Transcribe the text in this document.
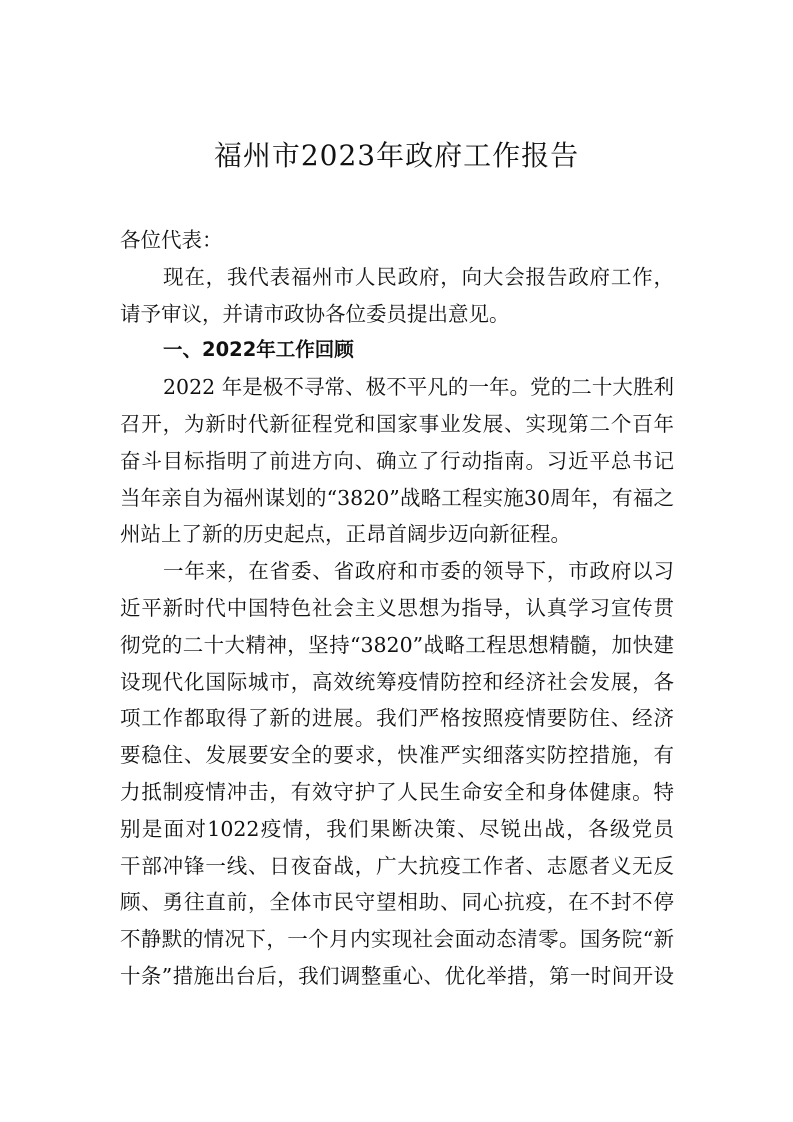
福州市2023年政府工作报告
各位代表：
现在，我代表福州市人民政府，向大会报告政府工作，
请予审议，并请市政协各位委员提出意见。
一、2022年工作回顾
2022 年是极不寻常、极不平凡的一年。党的二十大胜利
召开，为新时代新征程党和国家事业发展、实现第二个百年
奋斗目标指明了前进方向、确立了行动指南。习近平总书记
当年亲自为福州谋划的“3820”战略工程实施30周年，有福之
州站上了新的历史起点，正昂首阔步迈向新征程。
一年来，在省委、省政府和市委的领导下，市政府以习
近平新时代中国特色社会主义思想为指导，认真学习宣传贯
彻党的二十大精神，坚持“3820”战略工程思想精髓，加快建
设现代化国际城市，高效统筹疫情防控和经济社会发展，各
项工作都取得了新的进展。我们严格按照疫情要防住、经济
要稳住、发展要安全的要求，快准严实细落实防控措施，有
力抵制疫情冲击，有效守护了人民生命安全和身体健康。特
别是面对1022疫情，我们果断决策、尽锐出战，各级党员
干部冲锋一线、日夜奋战，广大抗疫工作者、志愿者义无反
顾、勇往直前，全体市民守望相助、同心抗疫，在不封不停
不静默的情况下，一个月内实现社会面动态清零。国务院“新
十条”措施出台后，我们调整重心、优化举措，第一时间开设
